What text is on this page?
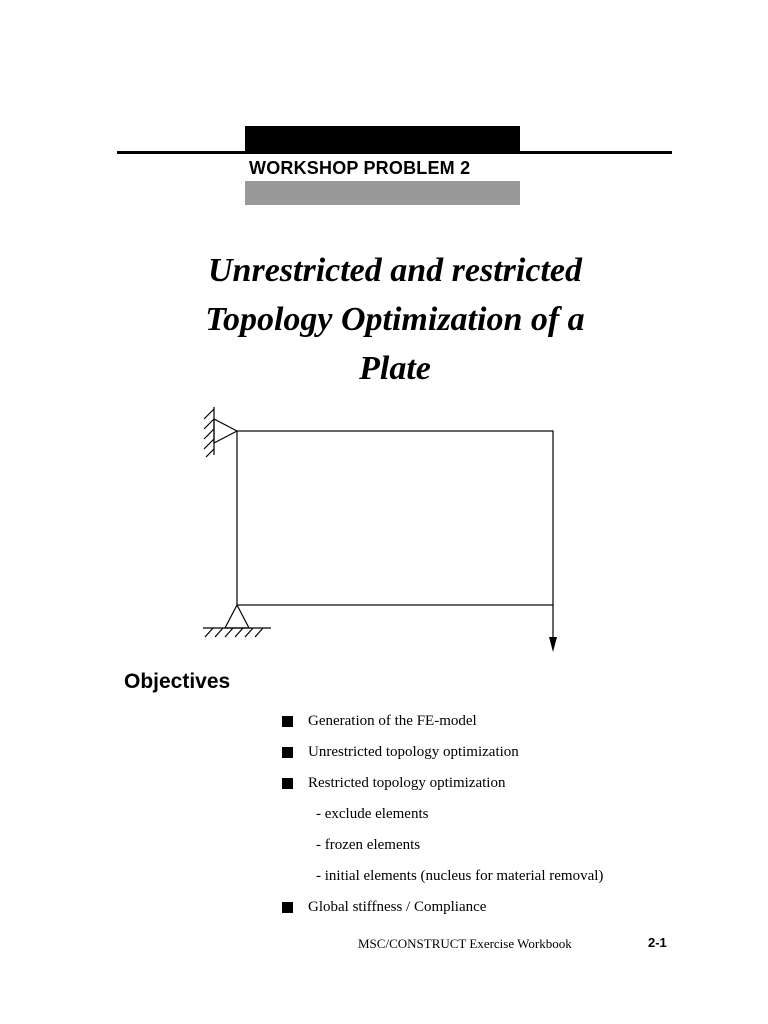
WORKSHOP PROBLEM 2
Unrestricted and restricted
Topology Optimization of a
Plate
Objectives
Generation of the FE-model
Unrestricted topology optimization
Restricted topology optimization
- exclude elements
- frozen elements
- initial elements (nucleus for material removal)
Global stiffness / Compliance
MSC/CONSTRUCT Exercise Workbook	2-1
